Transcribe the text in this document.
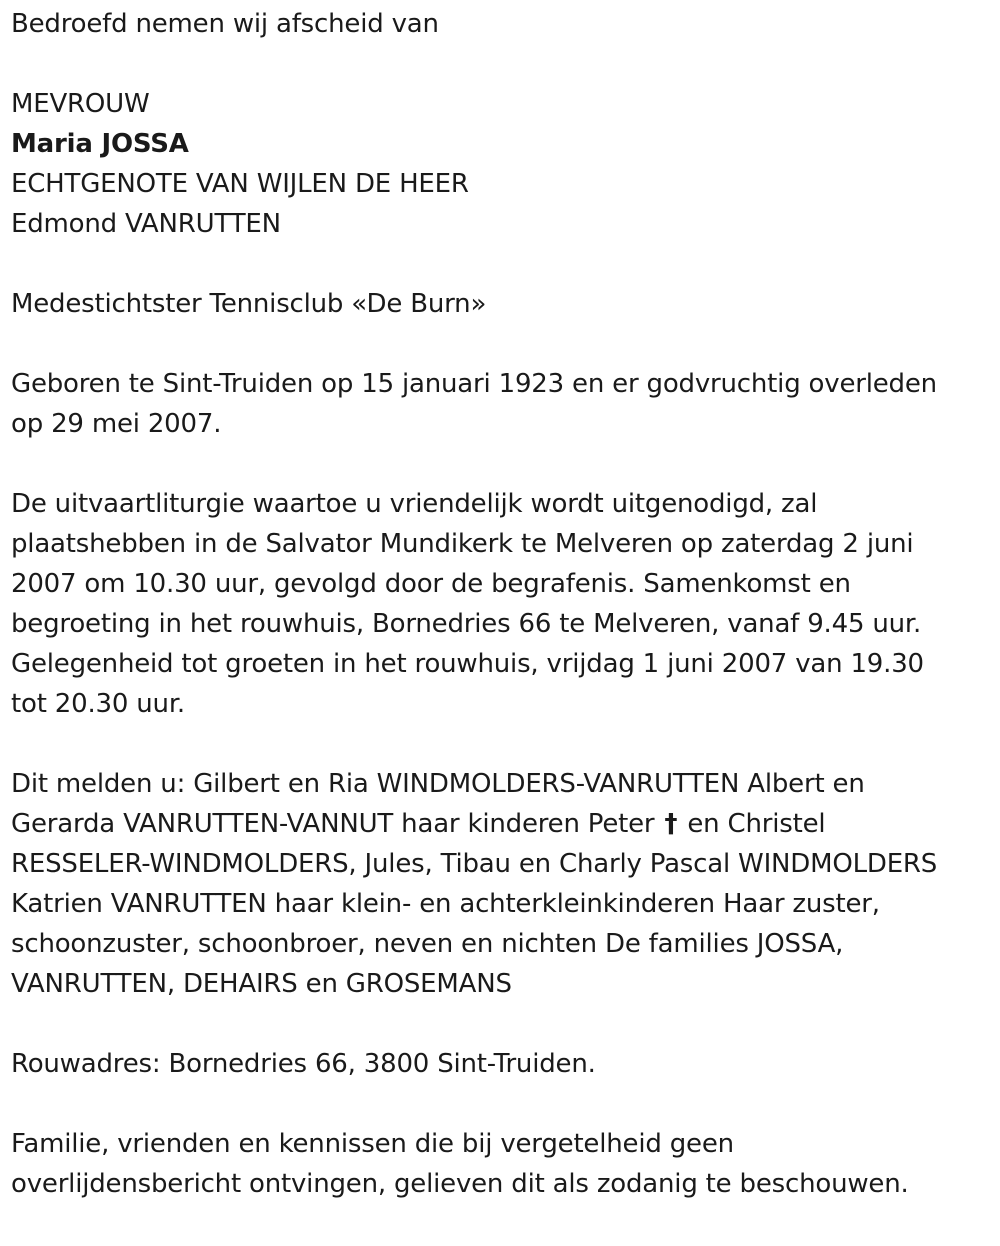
Bedroefd nemen wij afscheid van

MEVROUW

Maria JOSSA

ECHTGENOTE VAN WIJLEN DE HEER

Edmond VANRUTTEN

Medestichtster Tennisclub «De Burn»

Geboren te Sint-Truiden op 15 januari 1923 en er godvruchtig overleden

op 29 mei 2007.

De uitvaartliturgie waartoe u vriendelijk wordt uitgenodigd, zal

plaatshebben in de Salvator Mundikerk te Melveren op zaterdag 2 juni

2007 om 10.30 uur, gevolgd door de begrafenis. Samenkomst en

begroeting in het rouwhuis, Bornedries 66 te Melveren, vanaf 9.45 uur.

Gelegenheid tot groeten in het rouwhuis, vrijdag 1 juni 2007 van 19.30

tot 20.30 uur.

Dit melden u: Gilbert en Ria WINDMOLDERS-VANRUTTEN Albert en

Gerarda VANRUTTEN-VANNUT haar kinderen Peter † en Christel

RESSELER-WINDMOLDERS, Jules, Tibau en Charly Pascal WINDMOLDERS

Katrien VANRUTTEN haar klein- en achterkleinkinderen Haar zuster,

schoonzuster, schoonbroer, neven en nichten De families JOSSA,

VANRUTTEN, DEHAIRS en GROSEMANS

Rouwadres: Bornedries 66, 3800 Sint-Truiden.

Familie, vrienden en kennissen die bij vergetelheid geen

overlijdensbericht ontvingen, gelieven dit als zodanig te beschouwen.
